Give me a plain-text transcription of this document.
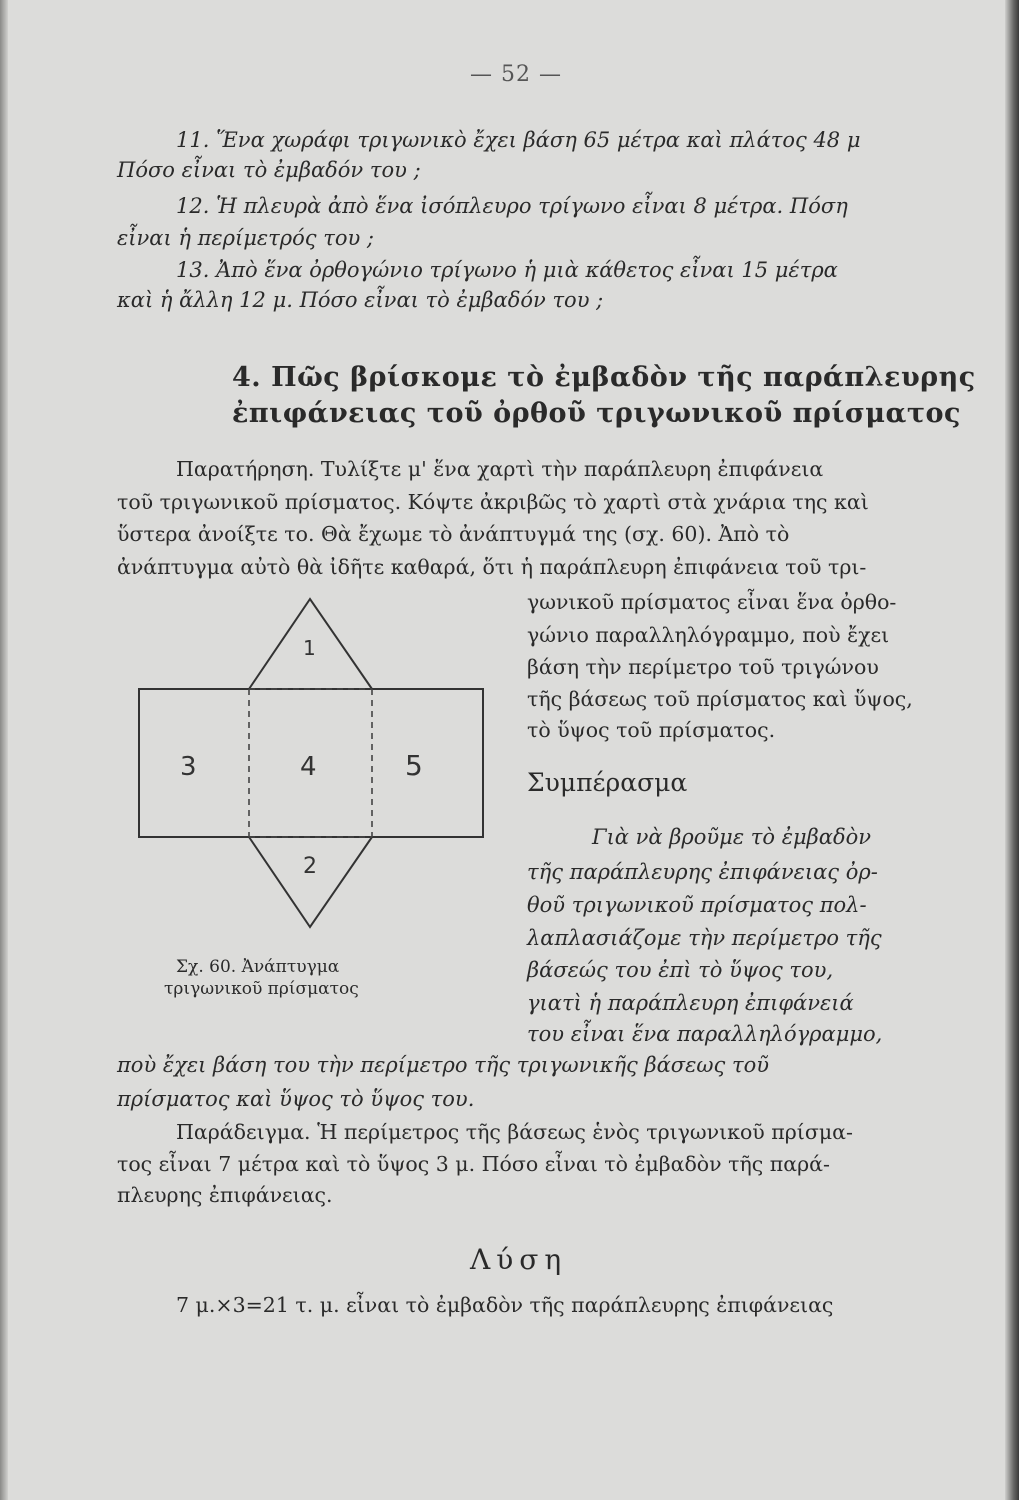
— 52 —
11. Ἕνα χωράφι τριγωνικὸ ἔχει βάση 65 μέτρα καὶ πλάτος 48 μ
Πόσο εἶναι τὸ ἐμβαδόν του ;
12. Ἡ πλευρὰ ἀπὸ ἕνα ἰσόπλευρο τρίγωνο εἶναι 8 μέτρα. Πόση
εἶναι ἡ περίμετρός του ;
13. Ἀπὸ ἕνα ὀρθογώνιο τρίγωνο ἡ μιὰ κάθετος εἶναι 15 μέτρα
καὶ ἡ ἄλλη 12 μ. Πόσο εἶναι τὸ ἐμβαδόν του ;
4. Πῶς βρίσκομε τὸ ἐμβαδὸν τῆς παράπλευρης
ἐπιφάνειας τοῦ ὀρθοῦ τριγωνικοῦ πρίσματος
Παρατήρηση. Τυλίξτε μ' ἕνα χαρτὶ τὴν παράπλευρη ἐπιφάνεια
τοῦ τριγωνικοῦ πρίσματος. Κόψτε ἀκριβῶς τὸ χαρτὶ στὰ χνάρια της καὶ
ὕστερα ἀνοίξτε το. Θὰ ἔχωμε τὸ ἀνάπτυγμά της (σχ. 60). Ἀπὸ τὸ
ἀνάπτυγμα αὐτὸ θὰ ἰδῆτε καθαρά, ὅτι ἡ παράπλευρη ἐπιφάνεια τοῦ τρι-
γωνικοῦ πρίσματος εἶναι ἕνα ὀρθο-
γώνιο παραλληλόγραμμο, ποὺ ἔχει
βάση τὴν περίμετρο τοῦ τριγώνου
τῆς βάσεως τοῦ πρίσματος καὶ ὕψος,
τὸ ὕψος τοῦ πρίσματος.
1
2
3	4	5
Σχ. 60. Ἀνάπτυγμα
τριγωνικοῦ πρίσματος
Συμπέρασμα
Γιὰ νὰ βροῦμε τὸ ἐμβαδὸν
τῆς παράπλευρης ἐπιφάνειας ὀρ-
θοῦ τριγωνικοῦ πρίσματος πολ-
λαπλασιάζομε τὴν περίμετρο τῆς
βάσεώς του ἐπὶ τὸ ὕψος του,
γιατὶ ἡ παράπλευρη ἐπιφάνειά
του εἶναι ἕνα παραλληλόγραμμο,
ποὺ ἔχει βάση του τὴν περίμετρο τῆς τριγωνικῆς βάσεως τοῦ
πρίσματος καὶ ὕψος τὸ ὕψος του.
Παράδειγμα. Ἡ περίμετρος τῆς βάσεως ἑνὸς τριγωνικοῦ πρίσμα-
τος εἶναι 7 μέτρα καὶ τὸ ὕψος 3 μ. Πόσο εἶναι τὸ ἐμβαδὸν τῆς παρά-
πλευρης ἐπιφάνειας.
Λύση
7 μ.×3=21 τ. μ. εἶναι τὸ ἐμβαδὸν τῆς παράπλευρης ἐπιφάνειας
